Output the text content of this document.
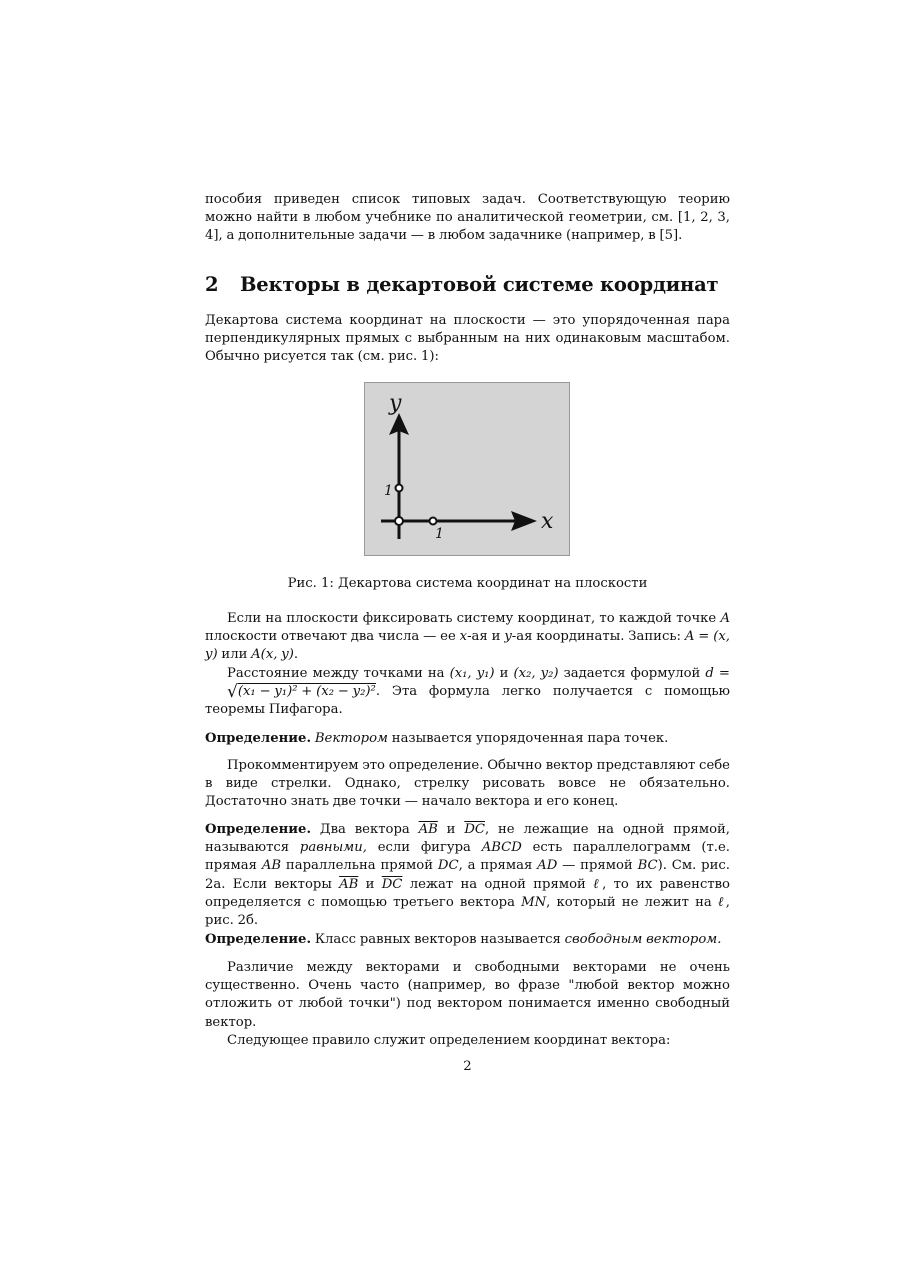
пособия приведен список типовых задач. Соответствующую теорию можно найти в любом учебнике по аналитической геометрии, см. [1, 2, 3, 4], а дополнительные задачи — в любом задачнике (например, в [5].

2 Векторы в декартовой системе координат

Декартова система координат на плоскости — это упорядоченная пара перпендикулярных прямых с выбранным на них одинаковым масштабом. Обычно рисуется так (см. рис. 1):

x
y
1
1
Рис. 1: Декартова система координат на плоскости

Если на плоскости фиксировать систему координат, то каждой точке A плоскости отвечают два числа — ее x-ая и y-ая координаты. Запись: A = (x, y) или A(x, y).

Расстояние между точками на (x₁, y₁) и (x₂, y₂) задается формулой d = √(x₁ − y₁)² + (x₂ − y₂)². Эта формула легко получается с помощью теоремы Пифагора.

Определение. Вектором называется упорядоченная пара точек.

Прокомментируем это определение. Обычно вектор представляют себе в виде стрелки. Однако, стрелку рисовать вовсе не обязательно. Достаточно знать две точки — начало вектора и его конец.

Определение. Два вектора $\overline{AB}$ и $\overline{DC}$, не лежащие на одной прямой, называются равными, если фигура ABCD есть параллелограмм (т.е. прямая AB параллельна прямой DC, а прямая AD — прямой BC). См. рис. 2а. Если векторы $\overline{AB}$ и $\overline{DC}$ лежат на одной прямой ℓ, то их равенство определяется с помощью третьего вектора MN, который не лежит на ℓ, рис. 2б.

Определение. Класс равных векторов называется свободным вектором.

Различие между векторами и свободными векторами не очень существенно. Очень часто (например, во фразе "любой вектор можно отложить от любой точки") под вектором понимается именно свободный вектор.

Следующее правило служит определением координат вектора:

2
